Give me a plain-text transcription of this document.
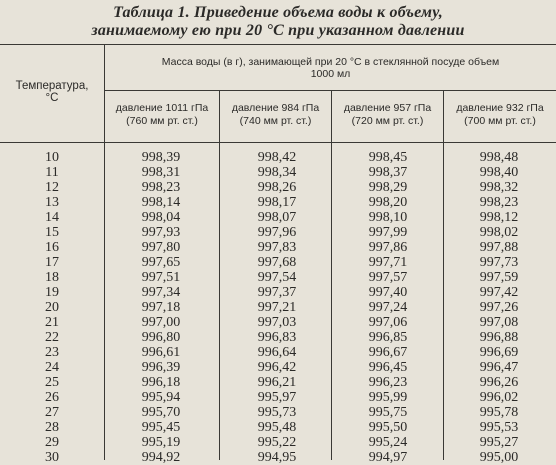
Таблица 1. Приведение объема воды к объему,
занимаемому ею при 20 °С при указанном давлении
Температура,
°С
Масса воды (в г), занимающей при 20 °С в стеклянной посуде объем
1000 мл
давление 1011 гПа
(760 мм рт. ст.)
давление 984 гПа
(740 мм рт. ст.)
давление 957 гПа
(720 мм рт. ст.)
давление 932 гПа
(700 мм рт. ст.)
10	998,39	998,42	998,45	998,48
11	998,31	998,34	998,37	998,40
12	998,23	998,26	998,29	998,32
13	998,14	998,17	998,20	998,23
14	998,04	998,07	998,10	998,12
15	997,93	997,96	997,99	998,02
16	997,80	997,83	997,86	997,88
17	997,65	997,68	997,71	997,73
18	997,51	997,54	997,57	997,59
19	997,34	997,37	997,40	997,42
20	997,18	997,21	997,24	997,26
21	997,00	997,03	997,06	997,08
22	996,80	996,83	996,85	996,88
23	996,61	996,64	996,67	996,69
24	996,39	996,42	996,45	996,47
25	996,18	996,21	996,23	996,26
26	995,94	995,97	995,99	996,02
27	995,70	995,73	995,75	995,78
28	995,45	995,48	995,50	995,53
29	995,19	995,22	995,24	995,27
30	994,92	994,95	994,97	995,00
